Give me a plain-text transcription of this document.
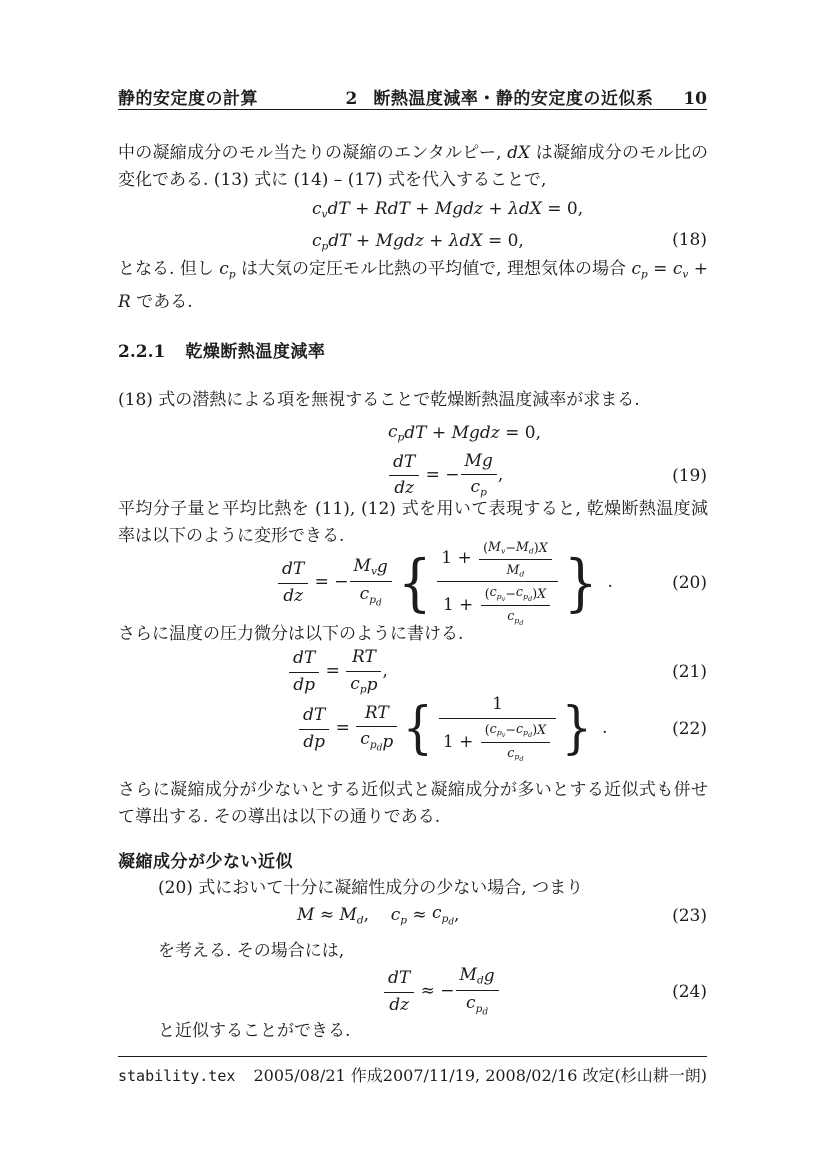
静的安定度の計算	2 断熱温度減率・静的安定度の近似系 10
中の凝縮成分のモル当たりの凝縮のエンタルピー, dX は凝縮成分のモル比の変化である. (13) 式に (14) – (17) 式を代入することで,
$c_v$ dT + RdT + Mgdz + λdX = 0,
$c_p$ dT + Mgdz + λdX = 0,	(18)
となる. 但し $c_p$ は大気の定圧モル比熱の平均値で, 理想気体の場合 $c_p = c_v + R$ である.
2.2.1 乾燥断熱温度減率
(18) 式の潜熱による項を無視することで乾燥断熱温度減率が求まる.
$c_p$ dT + Mgdz = 0,
$\frac{dT}{dz}$ = − $\frac{Mg}{c_p}$ ,	(19)
平均分子量と平均比熱を (11), (12) 式を用いて表現すると, 乾燥断熱温度減率は以下のように変形できる.
$\frac{dT}{dz}$ = − $\frac{M_v g}{c_{p_d}}$ { $\frac{1 + \frac{( M_v - M_d ) X}{M_d}}{1 + \frac{( c_{pv} - c_{pd} ) X}{c_{pd}}}$ } .	(20)
さらに温度の圧力微分は以下のように書ける.
$\frac{dT}{dp} = \frac{RT}{c_p p}$ ,	(21)
$\frac{dT}{dp} = \frac{RT}{c_{p_d} p}$ { $\frac{1}{1 + \frac{( c_{pv} - c_{pd} ) X}{c_{pd}}}$ } .	(22)
さらに凝縮成分が少ないとする近似式と凝縮成分が多いとする近似式も併せて導出する. その導出は以下の通りである.
凝縮成分が少ない近似
(20) 式において十分に凝縮性成分の少ない場合, つまり
$M \approx M_d$ , $c_p \approx c_{p_d}$ ,	(23)
を考える. その場合には,
$\frac{dT}{dz}$ ≈ − $\frac{M_d g}{c_{p_d}}$	(24)
と近似することができる.
stability.tex 2005/08/21 作成2007/11/19, 2008/02/16 改定(杉山耕一朗)
